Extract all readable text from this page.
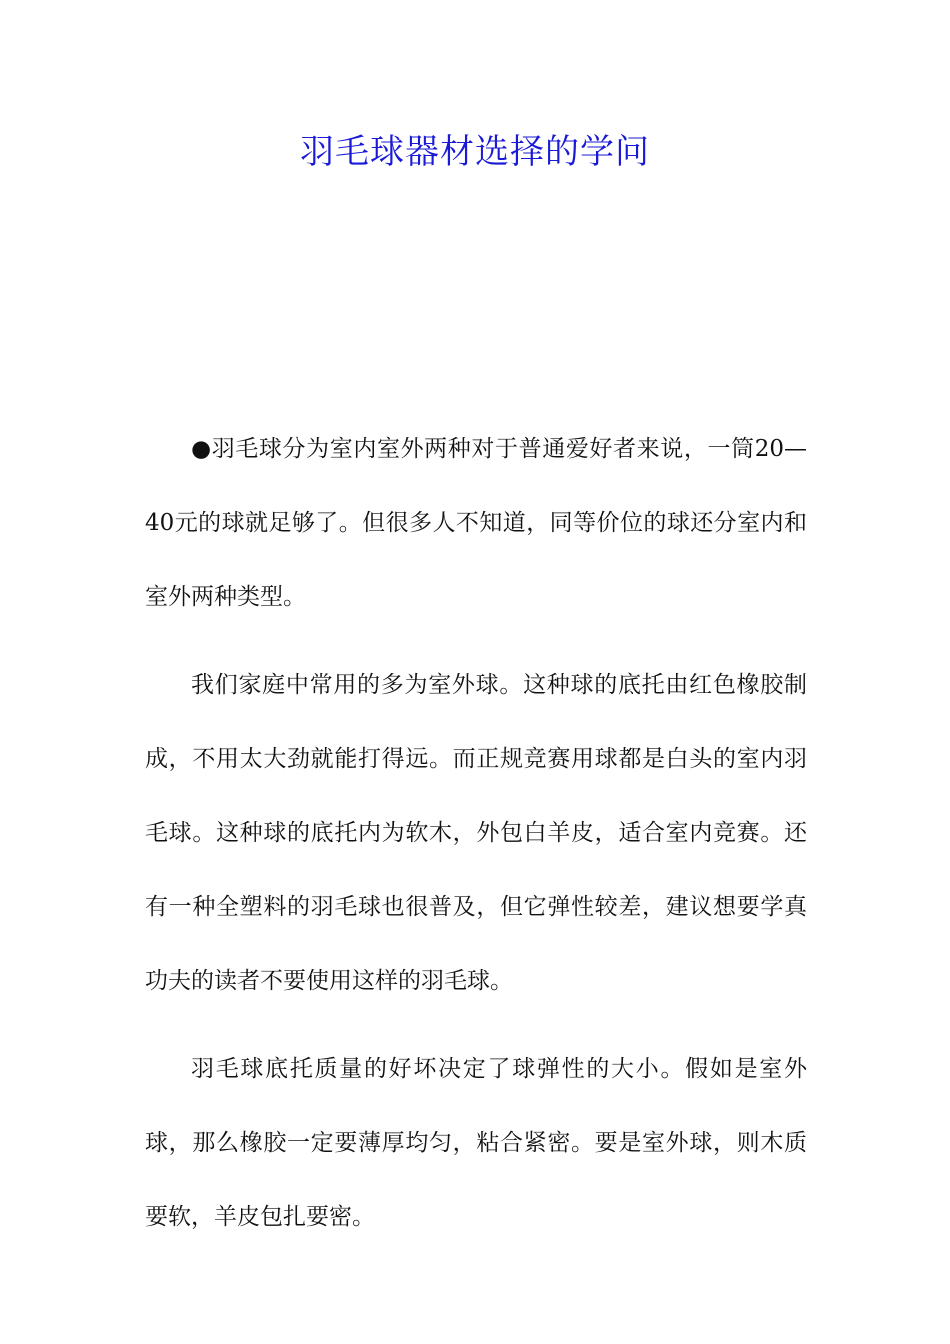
羽毛球器材选择的学问

●羽毛球分为室内室外两种对于普通爱好者来说，一筒20—40元的球就足够了。但很多人不知道，同等价位的球还分室内和室外两种类型。

我们家庭中常用的多为室外球。这种球的底托由红色橡胶制成，不用太大劲就能打得远。而正规竞赛用球都是白头的室内羽毛球。这种球的底托内为软木，外包白羊皮，适合室内竞赛。还有一种全塑料的羽毛球也很普及，但它弹性较差，建议想要学真功夫的读者不要使用这样的羽毛球。

羽毛球底托质量的好坏决定了球弹性的大小。假如是室外球，那么橡胶一定要薄厚均匀，粘合紧密。要是室外球，则木质要软，羊皮包扎要密。
